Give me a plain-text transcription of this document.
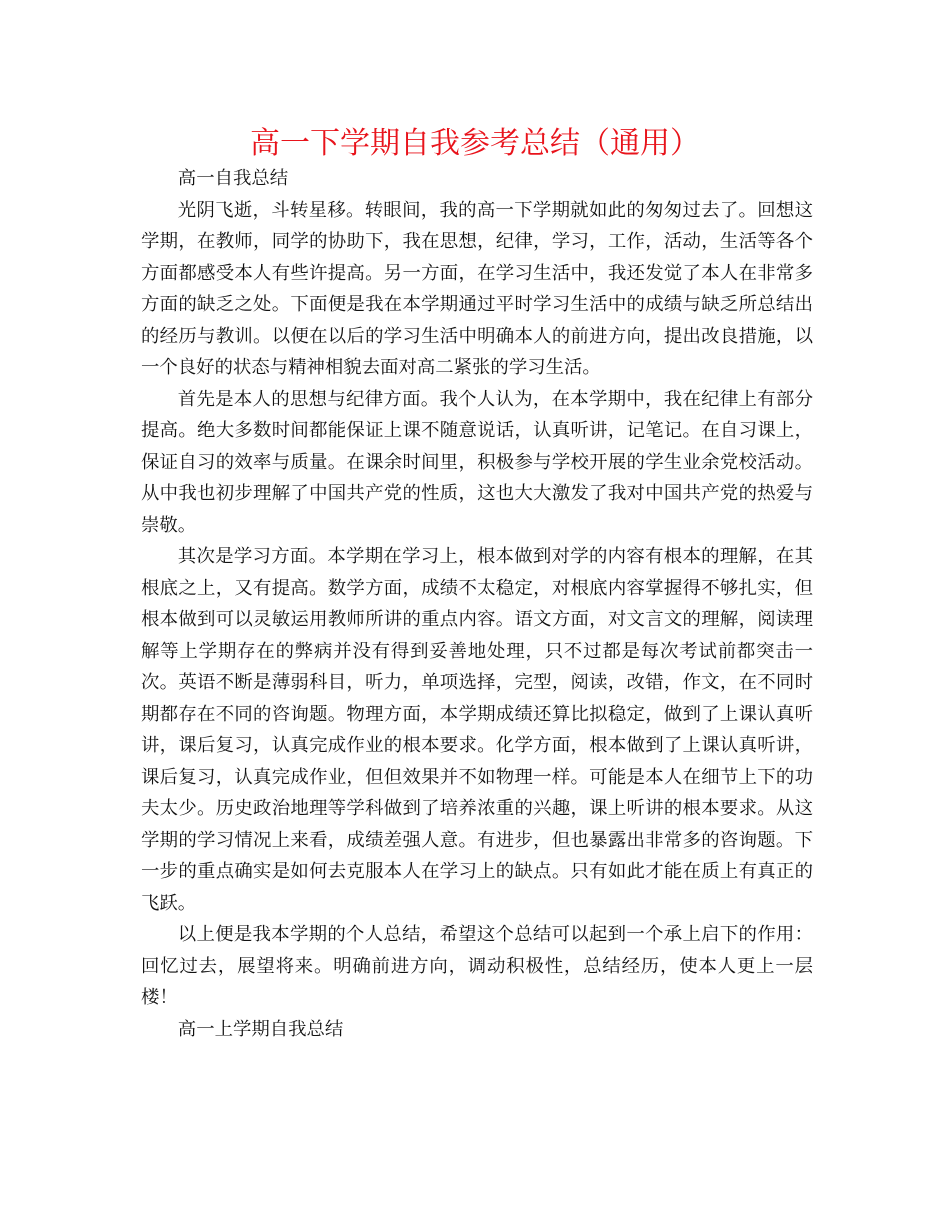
高一下学期自我参考总结（通用）

高一自我总结

光阴飞逝，斗转星移。转眼间，我的高一下学期就如此的匆匆过去了。回想这学期，在教师，同学的协助下，我在思想，纪律，学习，工作，活动，生活等各个方面都感受本人有些许提高。另一方面，在学习生活中，我还发觉了本人在非常多方面的缺乏之处。下面便是我在本学期通过平时学习生活中的成绩与缺乏所总结出的经历与教训。以便在以后的学习生活中明确本人的前进方向，提出改良措施，以一个良好的状态与精神相貌去面对高二紧张的学习生活。

首先是本人的思想与纪律方面。我个人认为，在本学期中，我在纪律上有部分提高。绝大多数时间都能保证上课不随意说话，认真听讲，记笔记。在自习课上，保证自习的效率与质量。在课余时间里，积极参与学校开展的学生业余党校活动。从中我也初步理解了中国共产党的性质，这也大大激发了我对中国共产党的热爱与崇敬。

其次是学习方面。本学期在学习上，根本做到对学的内容有根本的理解，在其根底之上，又有提高。数学方面，成绩不太稳定，对根底内容掌握得不够扎实，但根本做到可以灵敏运用教师所讲的重点内容。语文方面，对文言文的理解，阅读理解等上学期存在的弊病并没有得到妥善地处理，只不过都是每次考试前都突击一次。英语不断是薄弱科目，听力，单项选择，完型，阅读，改错，作文，在不同时期都存在不同的咨询题。物理方面，本学期成绩还算比拟稳定，做到了上课认真听讲，课后复习，认真完成作业的根本要求。化学方面，根本做到了上课认真听讲，课后复习，认真完成作业，但但效果并不如物理一样。可能是本人在细节上下的功夫太少。历史政治地理等学科做到了培养浓重的兴趣，课上听讲的根本要求。从这学期的学习情况上来看，成绩差强人意。有进步，但也暴露出非常多的咨询题。下一步的重点确实是如何去克服本人在学习上的缺点。只有如此才能在质上有真正的飞跃。

以上便是我本学期的个人总结，希望这个总结可以起到一个承上启下的作用：回忆过去，展望将来。明确前进方向，调动积极性，总结经历，使本人更上一层楼！

高一上学期自我总结
